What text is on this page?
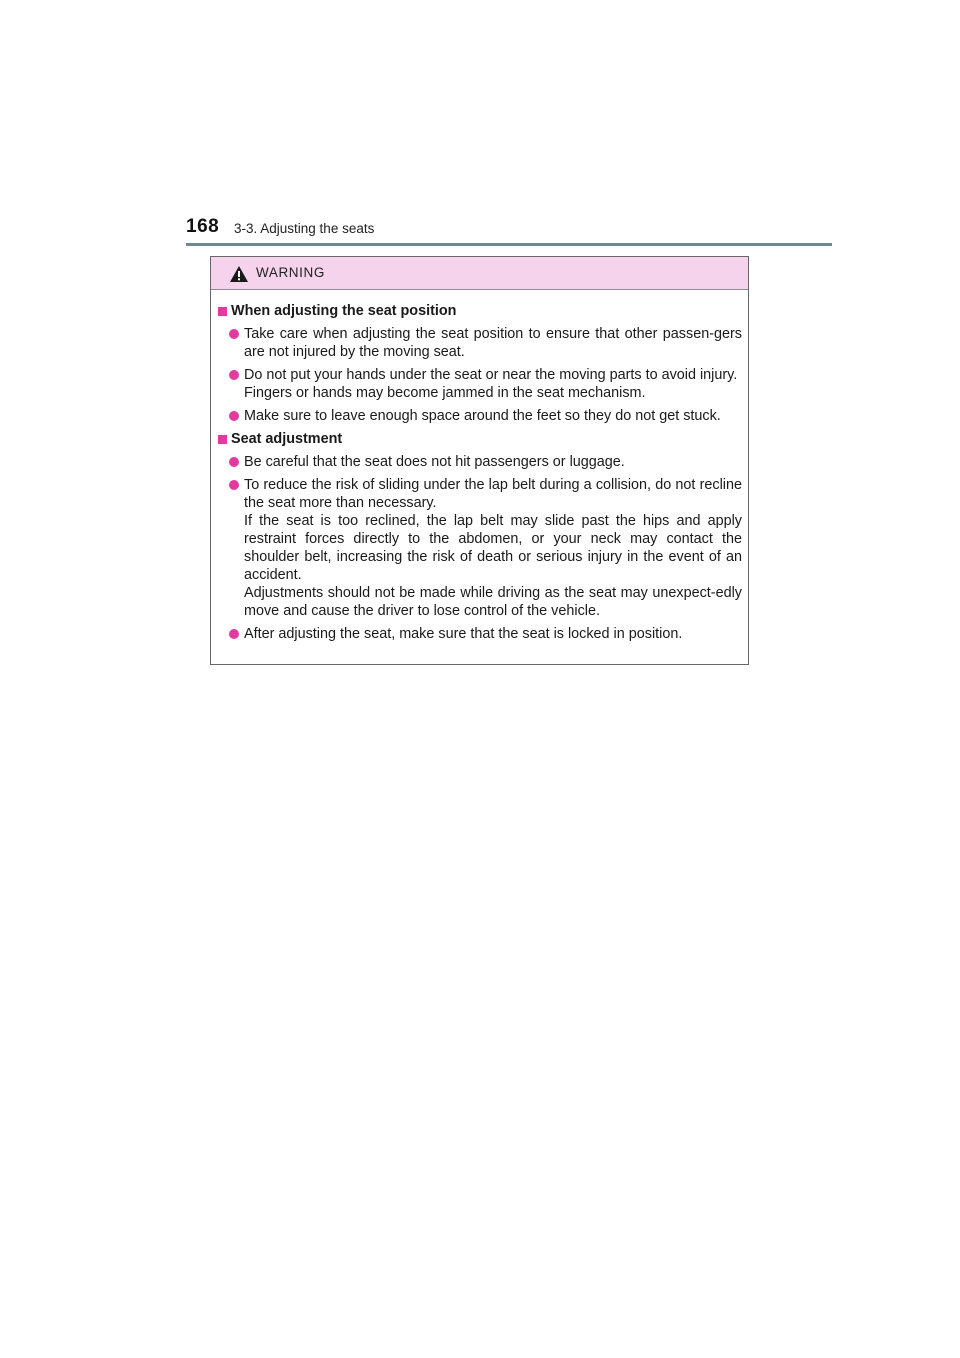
168 3-3. Adjusting the seats
WARNING
When adjusting the seat position
Take care when adjusting the seat position to ensure that other passen-gers are not injured by the moving seat.
Do not put your hands under the seat or near the moving parts to avoid injury.
Fingers or hands may become jammed in the seat mechanism.
Make sure to leave enough space around the feet so they do not get stuck.
Seat adjustment
Be careful that the seat does not hit passengers or luggage.
To reduce the risk of sliding under the lap belt during a collision, do not recline the seat more than necessary.
If the seat is too reclined, the lap belt may slide past the hips and apply restraint forces directly to the abdomen, or your neck may contact the shoulder belt, increasing the risk of death or serious injury in the event of an accident.
Adjustments should not be made while driving as the seat may unexpect-edly move and cause the driver to lose control of the vehicle.
After adjusting the seat, make sure that the seat is locked in position.
